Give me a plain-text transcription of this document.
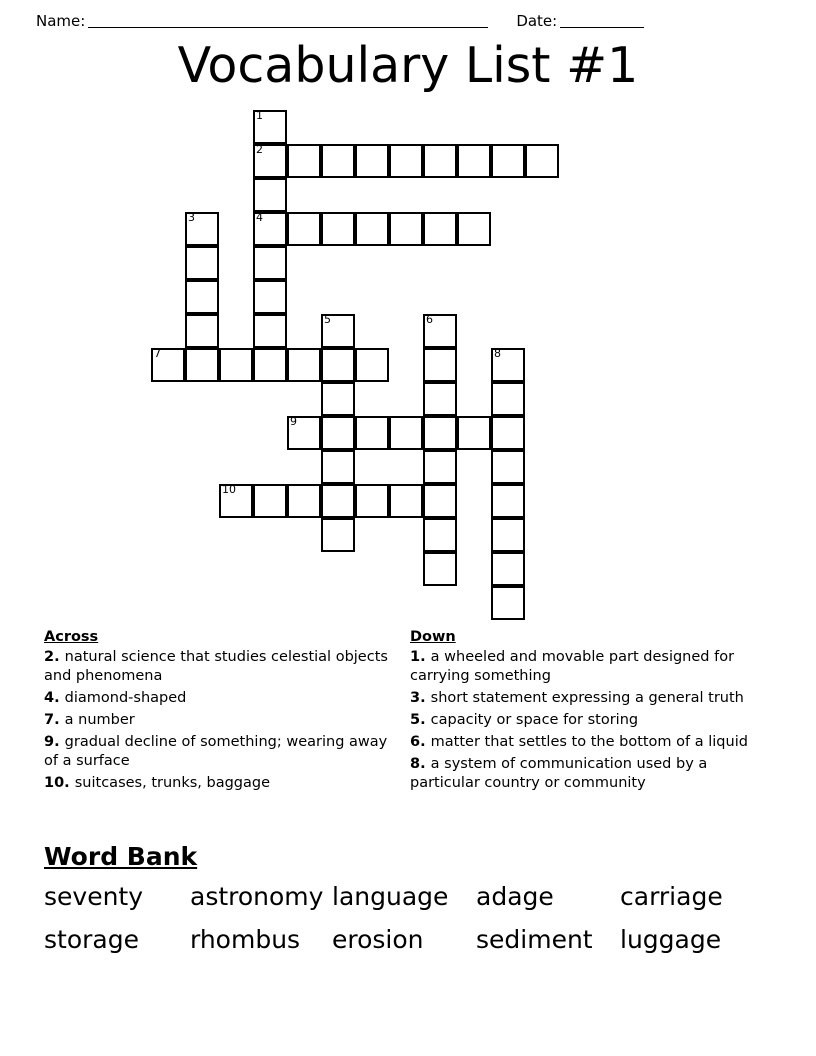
Name:	Date:
Vocabulary List #1
1
2
4
3
5	6
7	8
9
10
Across
2. natural science that studies celestial objects and phenomena
4. diamond-shaped
7. a number
9. gradual decline of something; wearing away of a surface
10. suitcases, trunks, baggage
Down
1. a wheeled and movable part designed for carrying something
3. short statement expressing a general truth
5. capacity or space for storing
6. matter that settles to the bottom of a liquid
8. a system of communication used by a particular country or community
Word Bank
seventy	astronomy language	adage	carriage
storage	rhombus	erosion	sediment	luggage
